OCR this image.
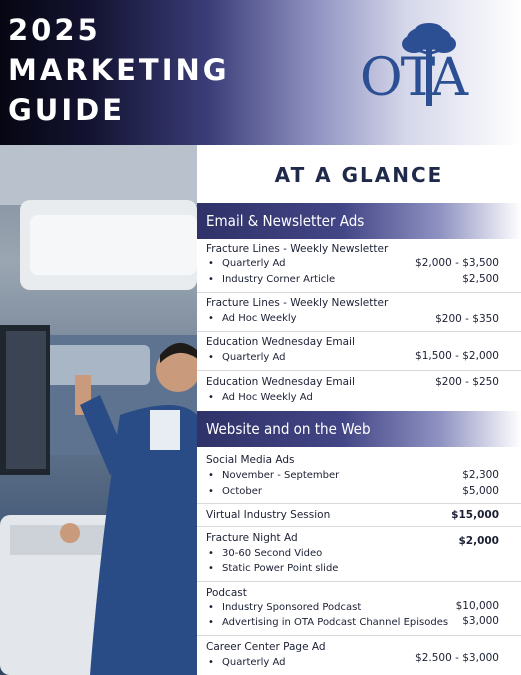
2025
MARKETING
GUIDE
OTA
AT A GLANCE
Email & Newsletter Ads
Fracture Lines - Weekly Newsletter
• Quarterly Ad	$2,000 - $3,500
• Industry Corner Article	$2,500
Fracture Lines - Weekly Newsletter
• Ad Hoc Weekly	$200 - $350
Education Wednesday Email
• Quarterly Ad	$1,500 - $2,000
Education Wednesday Email	$200 - $250
• Ad Hoc Weekly Ad
Website and on the Web
Social Media Ads
• November - September	$2,300
• October	$5,000
Virtual Industry Session	$15,000
Fracture Night Ad	$2,000
• 30-60 Second Video
• Static Power Point slide
Podcast
• Industry Sponsored Podcast	$10,000
• Advertising in OTA Podcast Channel Episodes $3,000
Career Center Page Ad
• Quarterly Ad	$2.500 - $3,000
